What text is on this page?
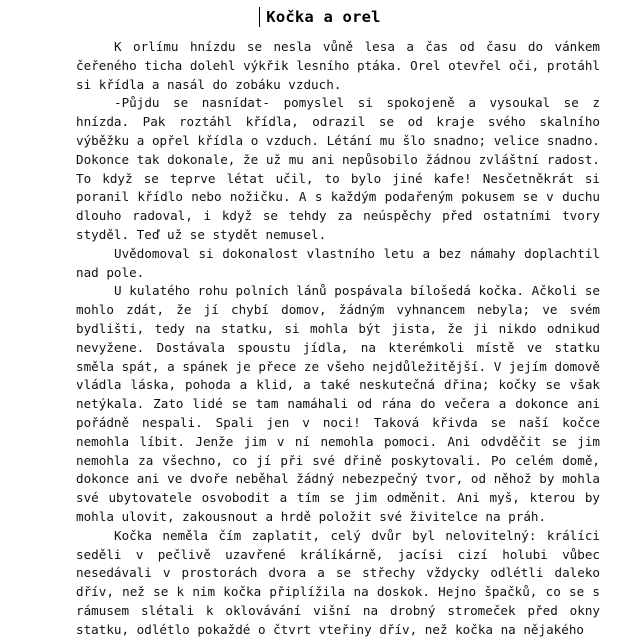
Kočka a orel

K orlímu hnízdu se nesla vůně lesa a čas od času do vánkem čeřeného ticha dolehl výkřik lesního ptáka. Orel otevřel oči, protáhl si křídla a nasál do zobáku vzduch.

-Půjdu se nasnídat- pomyslel si spokojeně a vysoukal se z hnízda. Pak roztáhl křídla, odrazil se od kraje svého skalního výběžku a opřel křídla o vzduch. Létání mu šlo snadno; velice snadno. Dokonce tak dokonale, že už mu ani nepůsobilo žádnou zvláštní radost. To když se teprve létat učil, to bylo jiné kafe! Nesčetněkrát si poranil křídlo nebo nožičku. A s každým podařeným pokusem se v duchu dlouho radoval, i když se tehdy za neúspěchy před ostatními tvory styděl. Teď už se stydět nemusel.

Uvědomoval si dokonalost vlastního letu a bez námahy doplachtil nad pole.

U kulatého rohu polních lánů pospávala bílošedá kočka. Ačkoli se mohlo zdát, že jí chybí domov, žádným vyhnancem nebyla; ve svém bydlišti, tedy na statku, si mohla být jista, že ji nikdo odnikud nevyžene. Dostávala spoustu jídla, na kterémkoli místě ve statku směla spát, a spánek je přece ze všeho nejdůležitější. V jejím domově vládla láska, pohoda a klid, a také neskutečná dřina; kočky se však netýkala. Zato lidé se tam namáhali od rána do večera a dokonce ani pořádně nespali. Spali jen v noci! Taková křivda se naší kočce nemohla líbit. Jenže jim v ní nemohla pomoci. Ani odvděčit se jim nemohla za všechno, co jí při své dřině poskytovali. Po celém domě, dokonce ani ve dvoře neběhal žádný nebezpečný tvor, od něhož by mohla své ubytovatele osvobodit a tím se jim odměnit. Ani myš, kterou by mohla ulovit, zakousnout a hrdě položit své živitelce na práh.

Kočka neměla čím zaplatit, celý dvůr byl nelovitelný: králíci seděli v pečlivě uzavřené králíkárně, jacísi cizí holubi vůbec nesedávali v prostorách dvora a se střechy vždycky odlétli daleko dřív, než se k nim kočka připlížila na doskok. Hejno špačků, co se s rámusem slétali k oklovávání višní na drobný stromeček před okny statku, odlétlo pokaždé o čtvrt vteřiny dřív, než kočka na nějakého
